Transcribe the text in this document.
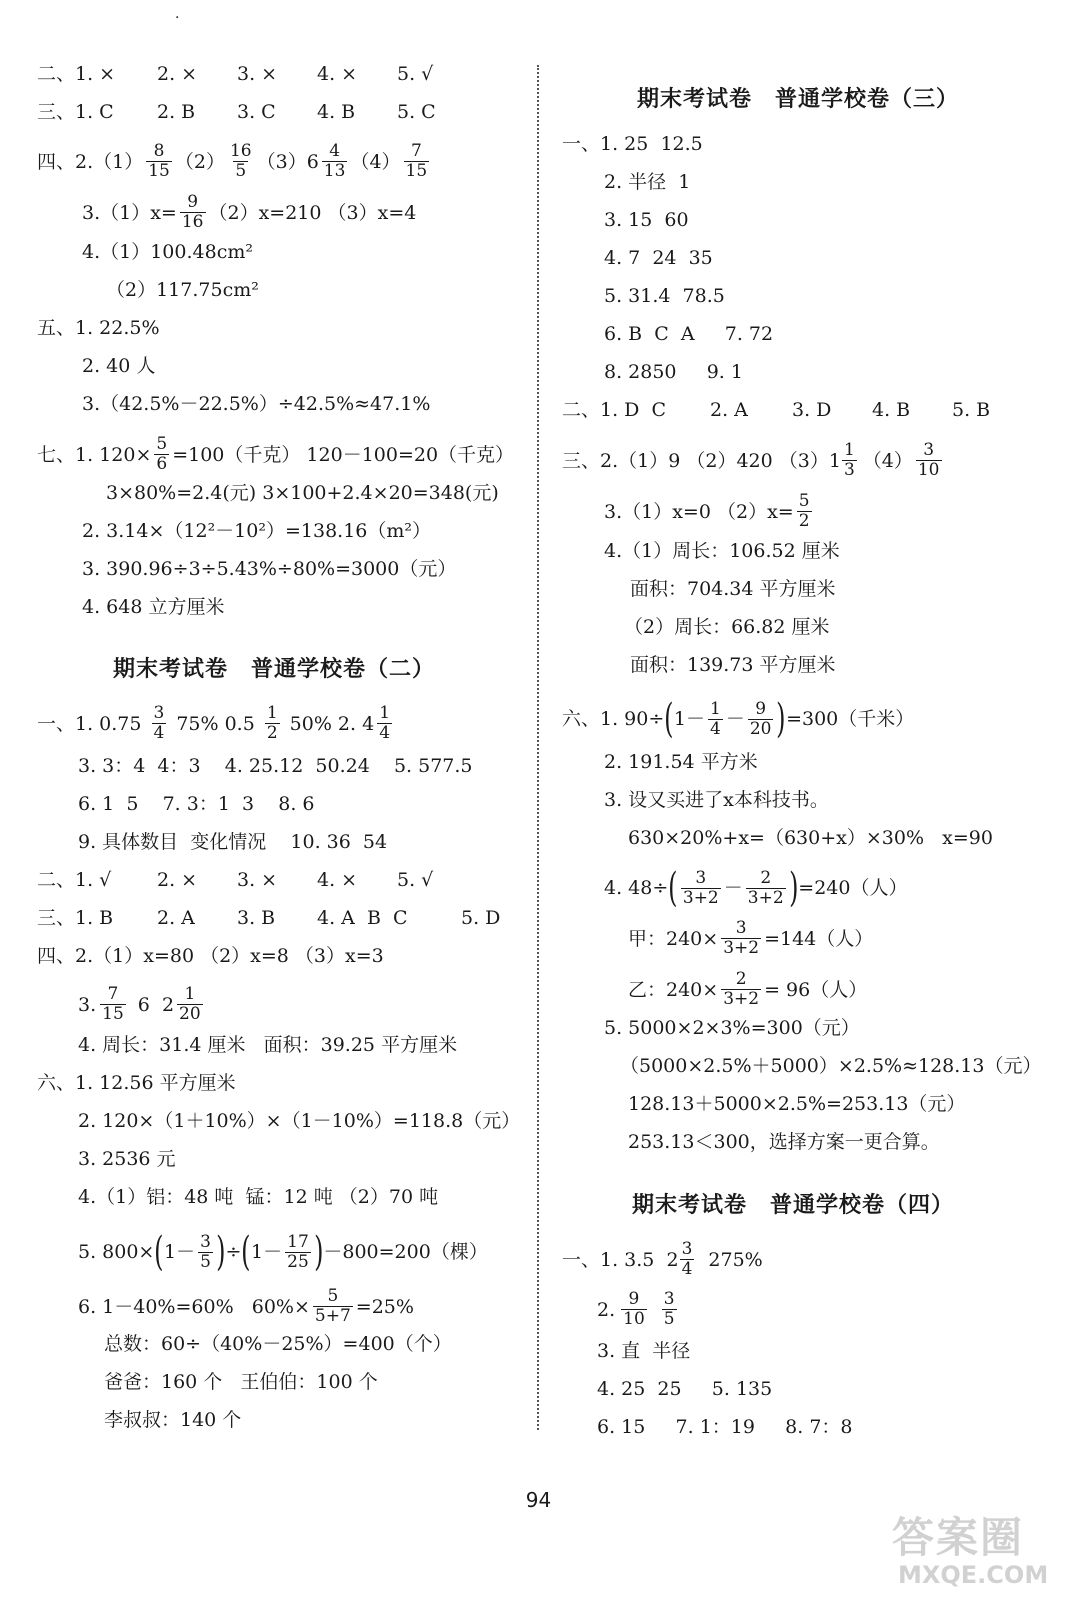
·
二、 1. ×	2. ×	3. ×	4. ×	5. √
三、 1. C	2. B	3. C	4. B	5. C
四、 $2.(1) \frac{8}{15} (2) \frac{16}{5} (3)6 \frac{4}{13} (4) \frac{7}{15}$
$3.(1)x= \frac{9}{16} (2)x=210$ （3）x=4
4.（1）100.48cm²
（2）117.75cm²
五、 1. 22.5%
2. 40 人
3.（42.5%－22.5%）÷42.5%≈47.1%
七、 1. $120\times \frac{5}{6} =100$（千克） 120－100=20（千克）
3×80%=2.4(元) 3×100+2.4×20=348(元)
2. 3.14×（12²－10²）=138.16（m²）
3. 390.96÷3÷5.43%÷80%=3000（元）
4. 648 立方厘米
期末考试卷　普通学校卷（二）
一、 1. $0.75 \frac{3}{4} 75\%$ $0.5 \frac{1}{2} 50\%$ 2. $4 \frac{1}{4}$
3. 3：4  4：3    4. 25.12  50.24    5. 577.5
6. 1  5    7. 3：1  3    8. 6
9. 具体数目  变化情况    10. 36  54
二、 1. √	2. ×	3. ×	4. ×	5. √
三、 1. B	2. A	3. B	4. A  B  C	5. D
四、 2.（1）x=80 （2）x=8 （3）x=3
3. $\frac{7}{15} 6$  $2 \frac{1}{20}$
4. 周长：31.4 厘米   面积：39.25 平方厘米
六、 1. 12.56 平方厘米
2. 120×（1＋10%）×（1－10%）=118.8（元）
3. 2536 元
4.（1）铝：48 吨  锰：12 吨 （2）70 吨
5. 800× ( $1- \frac{3}{5}$ ) ÷ ( $1- \frac{17}{25}$ ) －800=200（棵）
6. 1－40%=60%   $60\%\times \frac{5}{5+7} =25\%$
总数：60÷（40%－25%）=400（个）
爸爸：160 个   王伯伯：100 个
李叔叔：140 个
期末考试卷　普通学校卷（三）
一、 1. 25  12.5
2. 半径  1
3. 15  60
4. 7  24  35
5. 31.4  78.5
6. B  C  A     7. 72
8. 2850     9. 1
二、 1. D  C	2. A	3. D	4. B	5. B
三、 2.（1）9 （2）420 $(3)1 \frac{1}{3} (4) \frac{3}{10}$
3.（1）x=0 $(2)x= \frac{5}{2}$
4.（1）周长：106.52 厘米
面积：704.34 平方厘米
（2）周长：66.82 厘米
面积：139.73 平方厘米
六、 1. 90÷ ( $1- \frac{1}{4} - \frac{9}{20}$ ) =300（千米）
2. 191.54 平方米
3. 设又买进了x本科技书。
630×20%+x=（630+x）×30%   x=90
4. 48÷ ( $\frac{3}{3+2} - \frac{2}{3+2}$ ) =240（人）
甲：$240\times \frac{3}{3+2} =144$（人）
乙：$240\times \frac{2}{3+2} = 96$（人）
5. 5000×2×3%=300（元）
（5000×2.5%＋5000）×2.5%≈128.13（元）
128.13＋5000×2.5%=253.13（元）
253.13＜300，选择方案一更合算。
期末考试卷　普通学校卷（四）
一、 1. 3.5  $2 \frac{3}{4} 275\%$
2. $\frac{9}{10} \frac{3}{5}$
3. 直  半径
4. 25  25     5. 135
6. 15     7. 1：19     8. 7：8
94
答案圈
MXQE.COM
